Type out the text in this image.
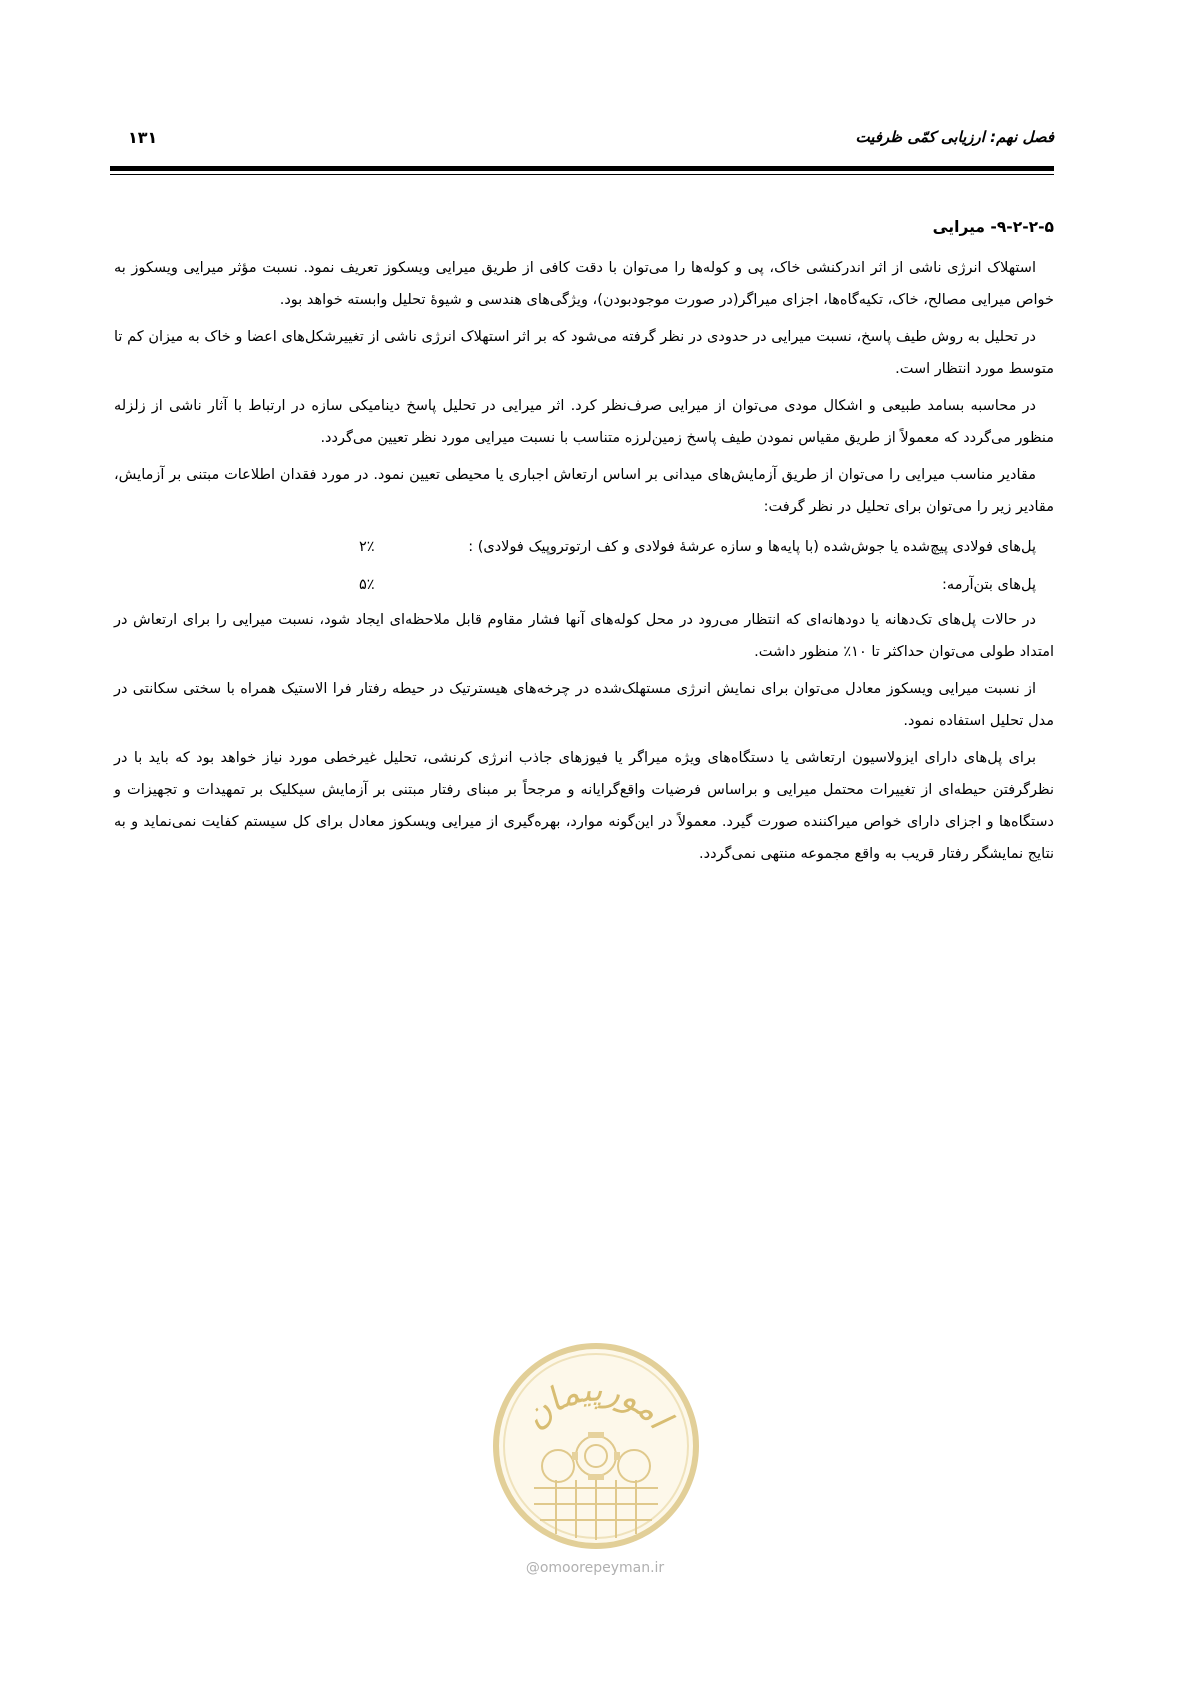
فصل نهم: ارزیابی کمّی ظرفیت
۱۳۱
۹-۲-۲-۵- میرایی

استهلاک انرژی ناشی از اثر اندرکنشی خاک، پی و کوله‌ها را می‌توان با دقت کافی از طریق میرایی ویسکوز تعریف نمود. نسبت مؤثر میرایی ویسکوز به خواص میرایی مصالح، خاک، تکیه‌گاه‌ها، اجزای میراگر(در صورت موجودبودن)، ویژگی‌های هندسی و شیوهٔ تحلیل وابسته خواهد بود.

در تحلیل به روش طیف پاسخ، نسبت میرایی در حدودی در نظر گرفته می‌شود که بر اثر استهلاک انرژی ناشی از تغییرشکل‌های اعضا و خاک به میزان کم تا متوسط مورد انتظار است.

در محاسبه بسامد طبیعی و اشکال مودی می‌توان از میرایی صرف‌نظر کرد. اثر میرایی در تحلیل پاسخ دینامیکی سازه در ارتباط با آثار ناشی از زلزله منظور می‌گردد که معمولاً از طریق مقیاس نمودن طیف پاسخ زمین‌لرزه متناسب با نسبت میرایی مورد نظر تعیین می‌گردد.

مقادیر مناسب میرایی را می‌توان از طریق آزمایش‌های میدانی بر اساس ارتعاش اجباری یا محیطی تعیین نمود. در مورد فقدان اطلاعات مبتنی بر آزمایش، مقادیر زیر را می‌توان برای تحلیل در نظر گرفت:

پل‌های فولادی پیچ‌شده یا جوش‌شده (با پایه‌ها و سازه عرشهٔ فولادی و کف ارتوتروپیک فولادی) :
۲٪
پل‌های بتن‌آرمه:
۵٪

در حالات پل‌های تک‌دهانه یا دودهانه‌ای که انتظار می‌رود در محل کوله‌های آنها فشار مقاوم قابل ملاحظه‌ای ایجاد شود، نسبت میرایی را برای ارتعاش در امتداد طولی می‌توان حداکثر تا ۱۰٪ منظور داشت.

از نسبت میرایی ویسکوز معادل می‌توان برای نمایش انرژی مستهلک‌شده در چرخه‌های هیسترتیک در حیطه رفتار فرا الاستیک همراه با سختی سکانتی در مدل تحلیل استفاده نمود.

برای پل‌های دارای ایزولاسیون ارتعاشی یا دستگاه‌های ویژه میراگر یا فیوزهای جاذب انرژی کرنشی، تحلیل غیرخطی مورد نیاز خواهد بود که باید با در نظرگرفتن حیطه‌ای از تغییرات محتمل میرایی و براساس فرضیات واقع‌گرایانه و مرجحاً بر مبنای رفتار مبتنی بر آزمایش سیکلیک بر تمهیدات و تجهیزات و دستگاه‌ها و اجزای دارای خواص میراکننده صورت گیرد. معمولاً در این‌گونه موارد، بهره‌گیری از میرایی ویسکوز معادل برای کل سیستم کفایت نمی‌نماید و به نتایج نمایشگر رفتار قریب به واقع مجموعه منتهی نمی‌گردد.

امورپیمان
@omoorepeyman.ir
